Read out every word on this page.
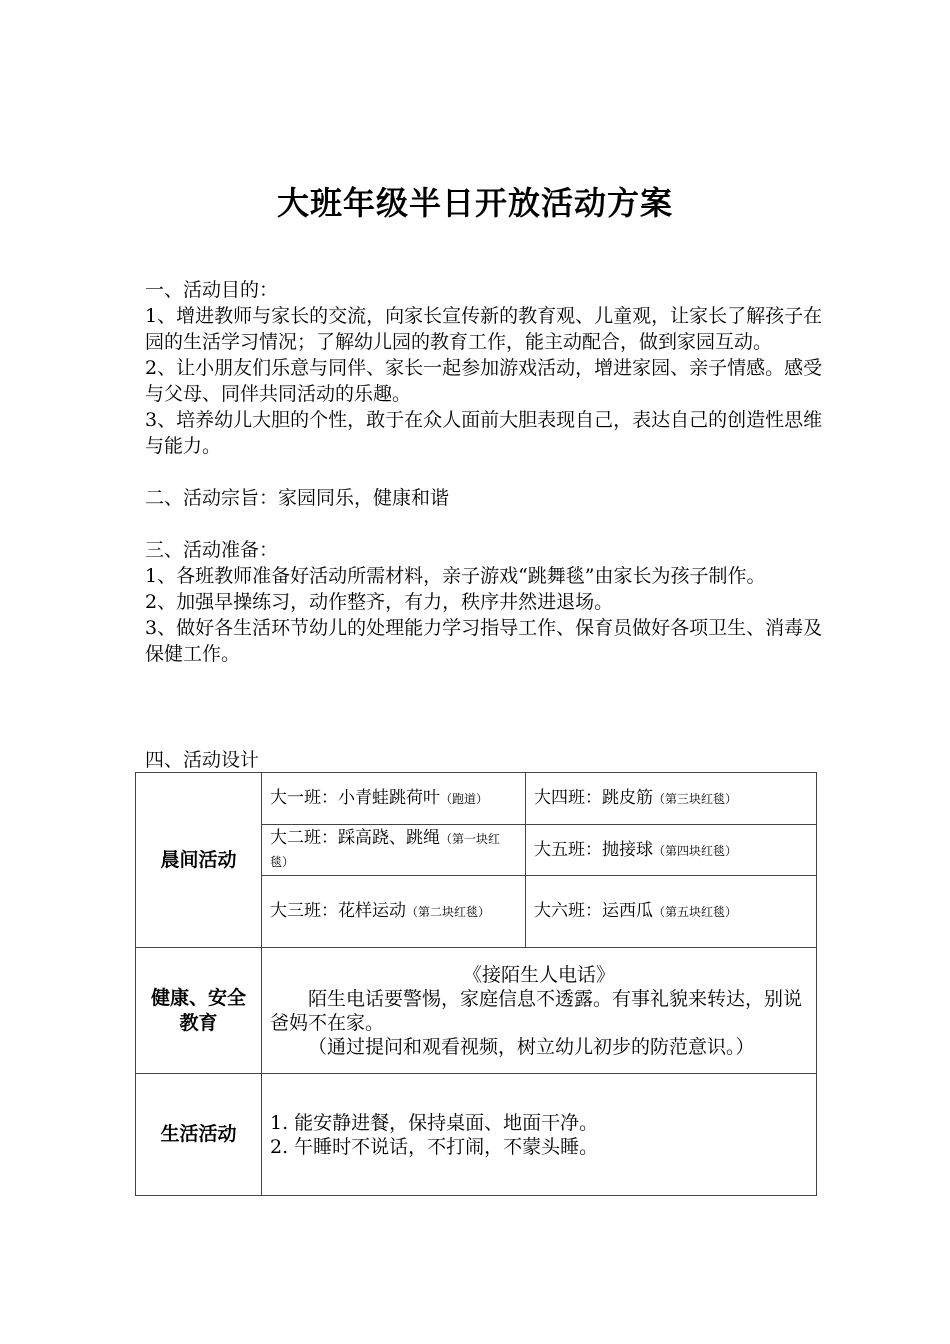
大班年级半日开放活动方案

一、活动目的：

1、增进教师与家长的交流，向家长宣传新的教育观、儿童观，让家长了解孩子在园的生活学习情况；了解幼儿园的教育工作，能主动配合，做到家园互动。

2、让小朋友们乐意与同伴、家长一起参加游戏活动，增进家园、亲子情感。感受与父母、同伴共同活动的乐趣。

3、培养幼儿大胆的个性，敢于在众人面前大胆表现自己，表达自己的创造性思维与能力。

二、活动宗旨：家园同乐，健康和谐

三、活动准备：

1、各班教师准备好活动所需材料，亲子游戏“跳舞毯”由家长为孩子制作。

2、加强早操练习，动作整齐，有力，秩序井然进退场。

3、做好各生活环节幼儿的处理能力学习指导工作、保育员做好各项卫生、消毒及保健工作。

四、活动设计
晨间活动	大一班：小青蛙跳荷叶（跑道）	大四班：跳皮筋（第三块红毯）
	大二班：踩高跷、跳绳（第一块红毯）	大五班：抛接球（第四块红毯）
	大三班：花样运动（第二块红毯）	大六班：运西瓜（第五块红毯）
健康、安全教育	《接陌生人电话》
陌生电话要警惕，家庭信息不透露。有事礼貌来转达，别说爸妈不在家。
（通过提问和观看视频，树立幼儿初步的防范意识。）	

生活活动	1. 能安静进餐，保持桌面、地面干净。
2. 午睡时不说话，不打闹，不蒙头睡。	
